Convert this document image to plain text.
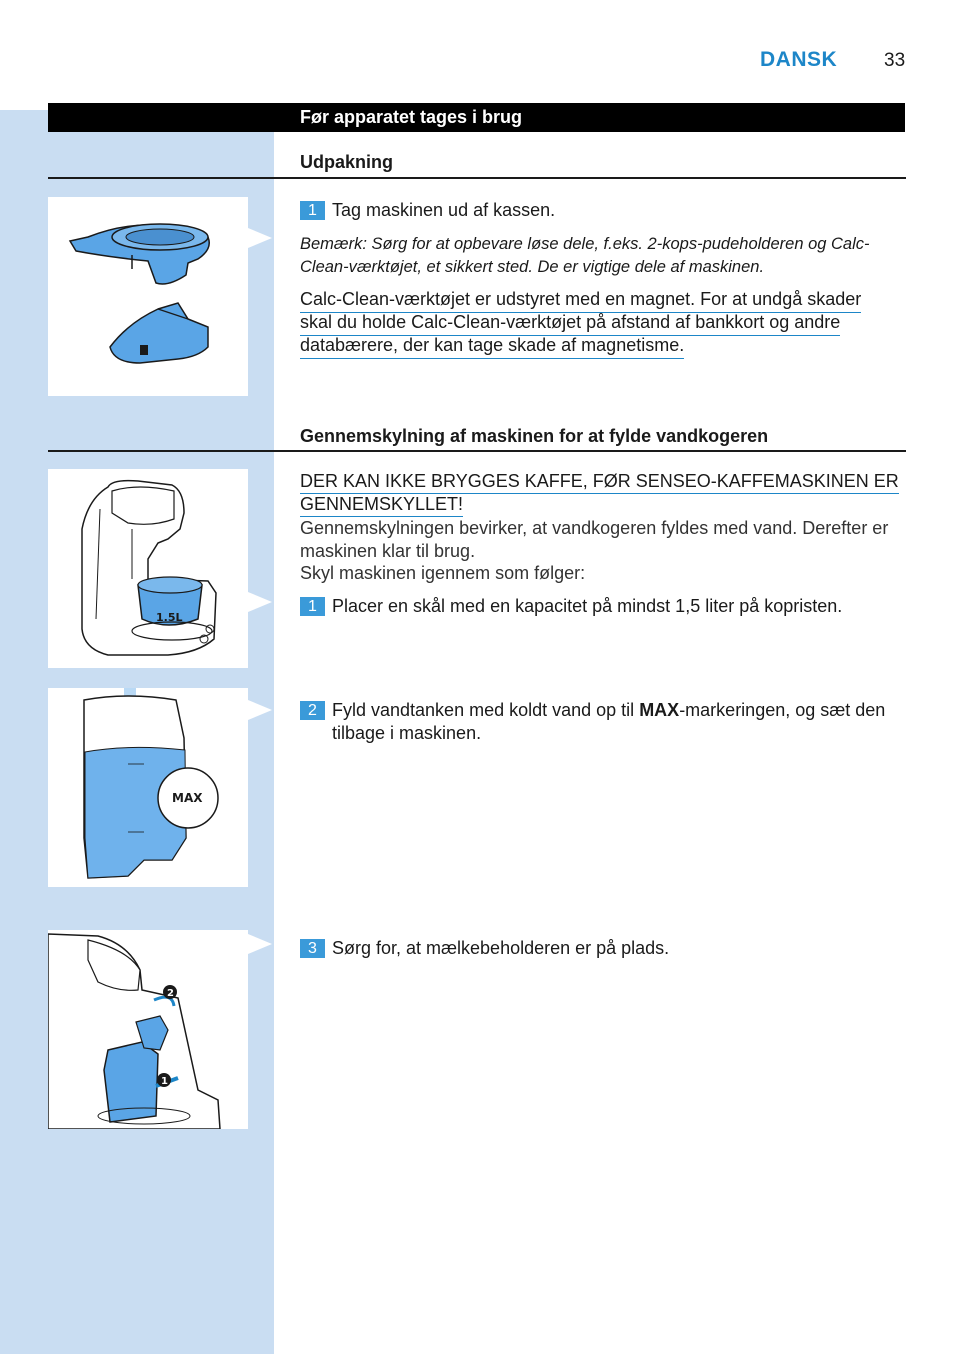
DANSK 33
Før apparatet tages i brug
Udpakning
1 Tag maskinen ud af kassen.
Bemærk: Sørg for at opbevare løse dele, f.eks. 2-kops-pudeholderen og Calc-
Clean-værktøjet, et sikkert sted. De er vigtige dele af maskinen.
Calc-Clean-værktøjet er udstyret med en magnet. For at undgå skader
skal du holde Calc-Clean-værktøjet på afstand af bankkort og andre
databærere, der kan tage skade af magnetisme.
Gennemskylning af maskinen for at fylde vandkogeren
1.5L
DER KAN IKKE BRYGGES KAFFE, FØR SENSEO-KAFFEMASKINEN ER
GENNEMSKYLLET!
Gennemskylningen bevirker, at vandkogeren fyldes med vand. Derefter er
maskinen klar til brug.
Skyl maskinen igennem som følger:
1 Placer en skål med en kapacitet på mindst 1,5 liter på kopristen.
MAX
2 Fyld vandtanken med koldt vand op til MAX-markeringen, og sæt den tilbage i maskinen.
2
1
3 Sørg for, at mælkebeholderen er på plads.
